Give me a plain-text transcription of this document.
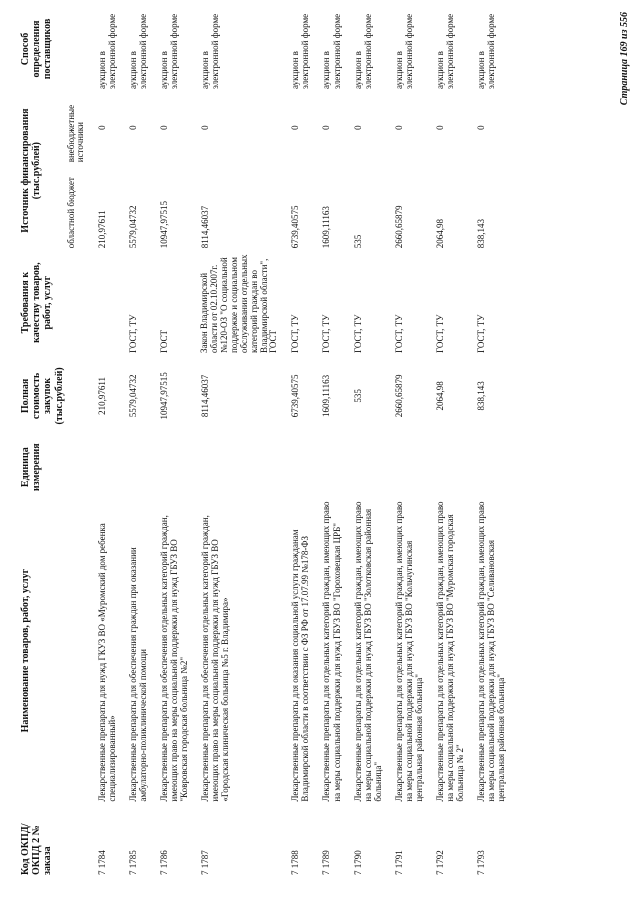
Код ОКПД/ ОКПД 2 № заказа	Наименование товаров, работ, услуг	Единица измерения	Полная стоимость закупок (тыс.рублей)	Требования к качеству товаров, работ, услуг	Источник финансирования (тыс.рублей)		Способ определения поставщиков
					областной бюджет	внебюджетные источники	
7 1784	Лекарственные препараты для нужд ГКУЗ ВО «Муромский дом ребенка специализированный»		210,97611		210,97611	0	аукцион в электронной форме
7 1785	Лекарственные препараты для обеспечения граждан при оказании амбулаторно-поликлинической помощи		5579,04732	ГОСТ, ТУ	5579,04732	0	аукцион в электронной форме
7 1786	Лекарственные препараты для обеспечения отдельных категорий граждан, имеющих право на меры социальной поддержки для нужд ГБУЗ ВО "Ковровская городская больница №2"		10947,97515	ГОСТ	10947,97515	0	аукцион в электронной форме
7 1787	Лекарственные препараты для обеспечения отдельных категорий граждан, имеющих право на меры социальной поддержки для нужд ГБУЗ ВО «Городская клиническая больница №5 г. Владимира»		8114,46037	Закон Владимирской области от 02.10.2007г. №120-ОЗ "О социальной поддержке и социальном обслуживании отдельных категорий граждан во Владимирской области", ГОСТ	8114,46037	0	аукцион в электронной форме
7 1788	Лекарственные препараты для оказания социальной услуги гражданам Владимирской области в соответствии с ФЗ РФ от 17.07.99 №178-ФЗ		6739,40575	ГОСТ, ТУ	6739,40575	0	аукцион в электронной форме
7 1789	Лекарственные препараты для отдельных категорий граждан, имеющих право на меры социальной поддержки для нужд ГБУЗ ВО "Гороховецкая ЦРБ"		1609,11163	ГОСТ, ТУ	1609,11163	0	аукцион в электронной форме
7 1790	Лекарственные препараты для отдельных категорий граждан, имеющих право на меры социальной поддержки для нужд ГБУЗ ВО "Золотковская районная больница"		535	ГОСТ, ТУ	535	0	аукцион в электронной форме
7 1791	Лекарственные препараты для отдельных категорий граждан, имеющих право на меры социальной поддержки для нужд ГБУЗ ВО "Кольчугинская центральная районная больница"		2660,65879	ГОСТ, ТУ	2660,65879	0	аукцион в электронной форме
7 1792	Лекарственные препараты для отдельных категорий граждан, имеющих право на меры социальной поддержки для нужд ГБУЗ ВО "Муромская городская больница № 2"		2064,98	ГОСТ, ТУ	2064,98	0	аукцион в электронной форме
7 1793	Лекарственные препараты для отдельных категорий граждан, имеющих право на меры социальной поддержки для нужд ГБУЗ ВО "Селивановская центральная районная больница"		838,143	ГОСТ, ТУ	838,143	0	аукцион в электронной форме	Страница 169 из 556
